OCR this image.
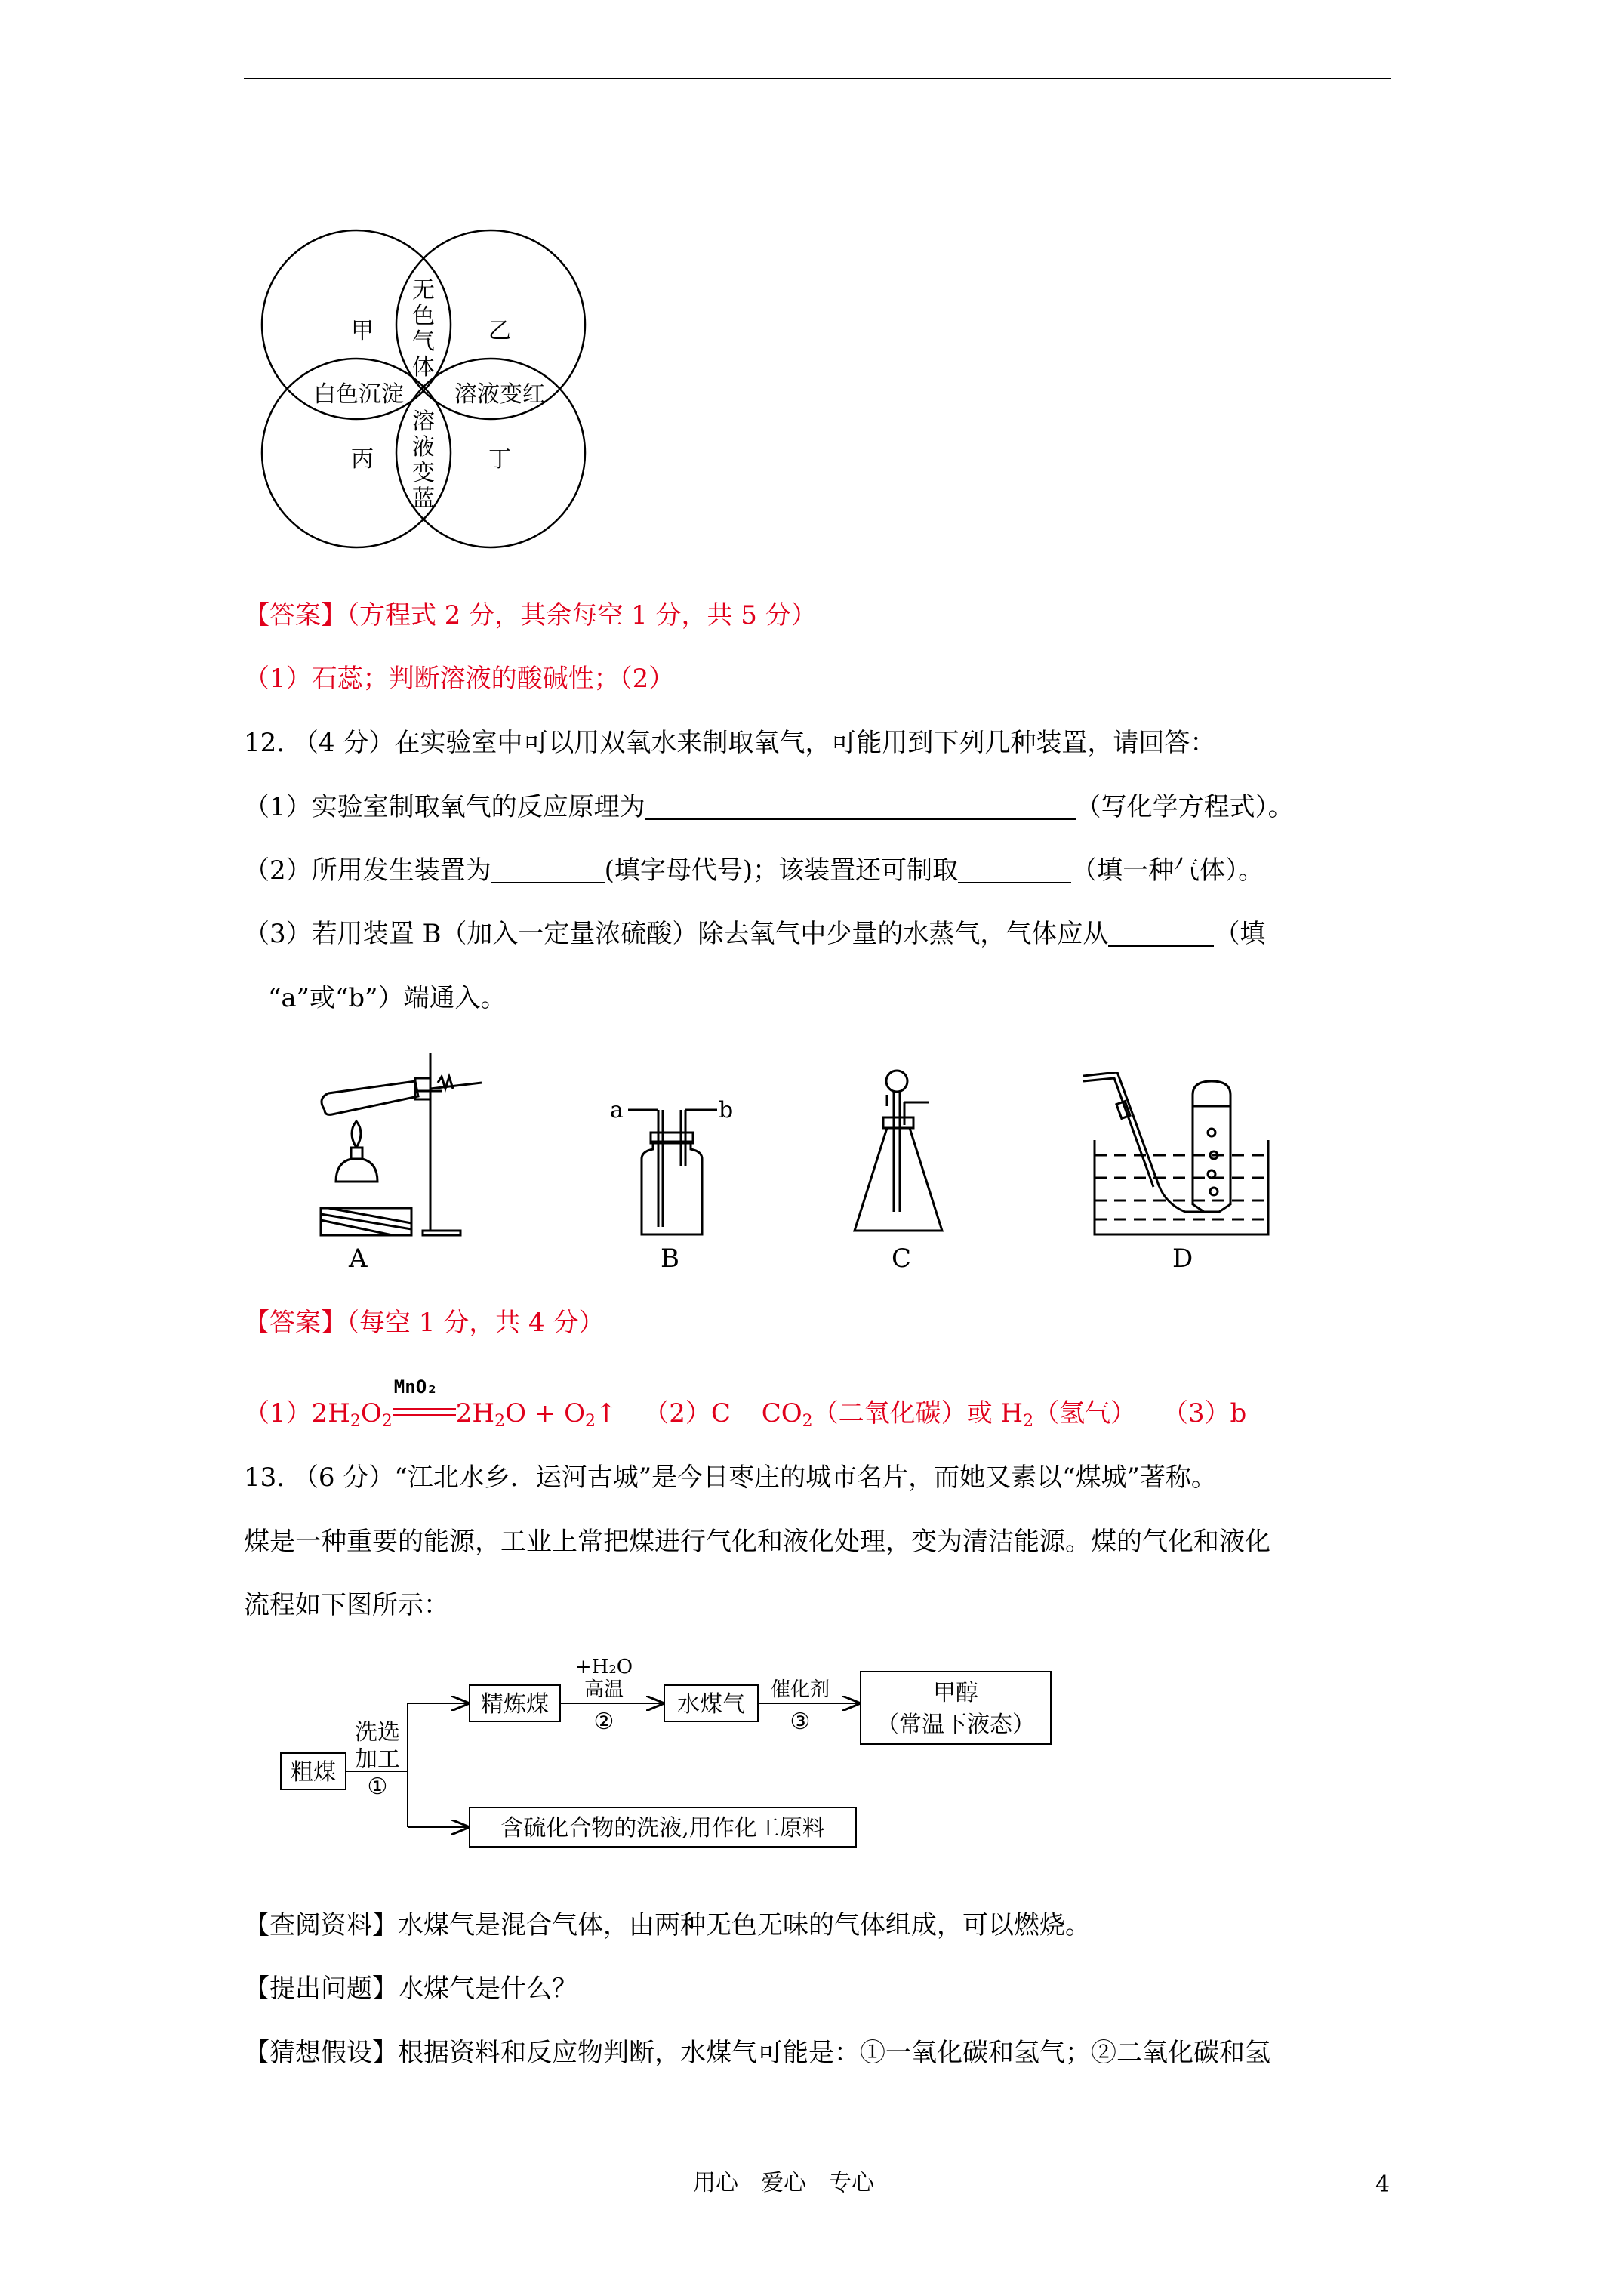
甲	乙
丙	丁
无
色
气
体
溶
液
变
蓝
白色沉淀 溶液变红
【答案】（方程式 2 分，其余每空 1 分，共 5 分）
（1）石蕊；判断溶液的酸碱性；（2）
12. （4 分）在实验室中可以用双氧水来制取氧气，可能用到下列几种装置，请回答：
（1）实验室制取氧气的反应原理为	（写化学方程式）。
（2）所用发生装置为	(填字母代号)；该装置还可制取	（填一种气体）。
（3）若用装置 B（加入一定量浓硫酸）除去氧气中少量的水蒸气，气体应从	（填
“a”或“b”）端通入。
A
a	b
B	C	D
【答案】（每空 1 分，共 4 分）
$(1)2H_2O_2$
MnO₂
$2H_2O$ + $O_2↑$ （2）C $CO_2$（二氧化碳）或 $H_2$（氢气） （3）b
13. （6 分）“江北水乡．运河古城”是今日枣庄的城市名片，而她又素以“煤城”著称。
煤是一种重要的能源，工业上常把煤进行气化和液化处理，变为清洁能源。煤的气化和液化
流程如下图所示：
粗煤
洗选
加工
①
精炼煤
+H₂O
高温
②
水煤气
催化剂
③
甲醇
（常温下液态）
含硫化合物的洗液,用作化工原料
【查阅资料】水煤气是混合气体，由两种无色无味的气体组成，可以燃烧。
【提出问题】水煤气是什么？
【猜想假设】根据资料和反应物判断，水煤气可能是：①一氧化碳和氢气；②二氧化碳和氢
用心　爱心　专心	4
